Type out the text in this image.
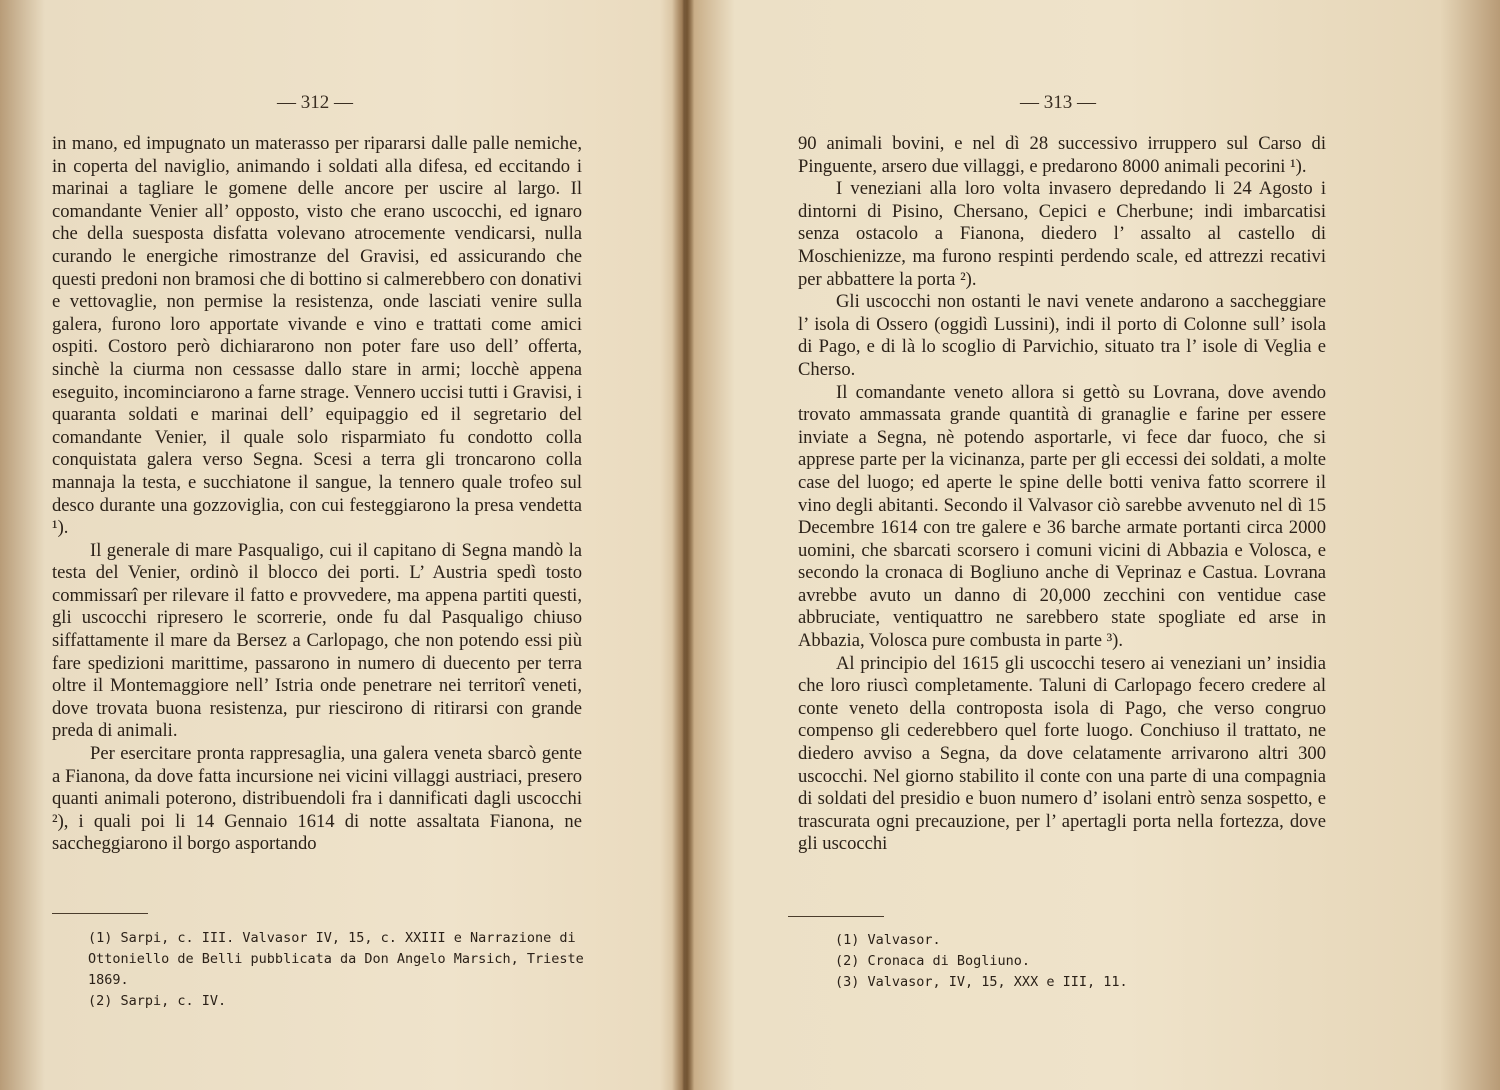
— 312 —

in mano, ed impugnato un materasso per ripararsi dalle palle nemiche, in coperta del naviglio, animando i soldati alla difesa, ed eccitando i marinai a tagliare le gomene delle ancore per uscire al largo. Il comandante Venier all’ opposto, visto che erano uscocchi, ed ignaro che della suesposta disfatta volevano atrocemente vendicarsi, nulla curando le energiche rimostranze del Gravisi, ed assicurando che questi predoni non bramosi che di bottino si calmerebbero con donativi e vettovaglie, non permise la resistenza, onde lasciati venire sulla galera, furono loro apportate vivande e vino e trattati come amici ospiti. Costoro però dichiararono non poter fare uso dell’ offerta, sinchè la ciurma non cessasse dallo stare in armi; locchè appena eseguito, incominciarono a farne strage. Vennero uccisi tutti i Gravisi, i quaranta soldati e marinai dell’ equipaggio ed il segretario del comandante Venier, il quale solo risparmiato fu condotto colla conquistata galera verso Segna. Scesi a terra gli troncarono colla mannaja la testa, e succhiatone il sangue, la tennero quale trofeo sul desco durante una gozzoviglia, con cui festeggiarono la presa vendetta ¹).

Il generale di mare Pasqualigo, cui il capitano di Segna mandò la testa del Venier, ordinò il blocco dei porti. L’ Austria spedì tosto commissarî per rilevare il fatto e provvedere, ma appena partiti questi, gli uscocchi ripresero le scorrerie, onde fu dal Pasqualigo chiuso siffattamente il mare da Bersez a Carlopago, che non potendo essi più fare spedizioni marittime, passarono in numero di duecento per terra oltre il Montemaggiore nell’ Istria onde penetrare nei territorî veneti, dove trovata buona resistenza, pur riescirono di ritirarsi con grande preda di animali.

Per esercitare pronta rappresaglia, una galera veneta sbarcò gente a Fianona, da dove fatta incursione nei vicini villaggi austriaci, presero quanti animali poterono, distribuendoli fra i dannificati dagli uscocchi ²), i quali poi li 14 Gennaio 1614 di notte assaltata Fianona, ne saccheggiarono il borgo asportando

(1) Sarpi, c. III. Valvasor IV, 15, c. XXIII e Narrazione di Ottoniello de Belli pubblicata da Don Angelo Marsich, Trieste 1869.
(2) Sarpi, c. IV.
— 313 —

90 animali bovini, e nel dì 28 successivo irruppero sul Carso di Pinguente, arsero due villaggi, e predarono 8000 animali pecorini ¹).

I veneziani alla loro volta invasero depredando li 24 Agosto i dintorni di Pisino, Chersano, Cepici e Cherbune; indi imbarcatisi senza ostacolo a Fianona, diedero l’ assalto al castello di Moschienizze, ma furono respinti perdendo scale, ed attrezzi recativi per abbattere la porta ²).

Gli uscocchi non ostanti le navi venete andarono a saccheggiare l’ isola di Ossero (oggidì Lussini), indi il porto di Colonne sull’ isola di Pago, e di là lo scoglio di Parvichio, situato tra l’ isole di Veglia e Cherso.

Il comandante veneto allora si gettò su Lovrana, dove avendo trovato ammassata grande quantità di granaglie e farine per essere inviate a Segna, nè potendo asportarle, vi fece dar fuoco, che si apprese parte per la vicinanza, parte per gli eccessi dei soldati, a molte case del luogo; ed aperte le spine delle botti veniva fatto scorrere il vino degli abitanti. Secondo il Valvasor ciò sarebbe avvenuto nel dì 15 Decembre 1614 con tre galere e 36 barche armate portanti circa 2000 uomini, che sbarcati scorsero i comuni vicini di Abbazia e Volosca, e secondo la cronaca di Bogliuno anche di Veprinaz e Castua. Lovrana avrebbe avuto un danno di 20,000 zecchini con ventidue case abbruciate, ventiquattro ne sarebbero state spogliate ed arse in Abbazia, Volosca pure combusta in parte ³).

Al principio del 1615 gli uscocchi tesero ai veneziani un’ insidia che loro riuscì completamente. Taluni di Carlopago fecero credere al conte veneto della controposta isola di Pago, che verso congruo compenso gli cederebbero quel forte luogo. Conchiuso il trattato, ne diedero avviso a Segna, da dove celatamente arrivarono altri 300 uscocchi. Nel giorno stabilito il conte con una parte di una compagnia di soldati del presidio e buon numero d’ isolani entrò senza sospetto, e trascurata ogni precauzione, per l’ apertagli porta nella fortezza, dove gli uscocchi

(1) Valvasor.
(2) Cronaca di Bogliuno.
(3) Valvasor, IV, 15, XXX e III, 11.
